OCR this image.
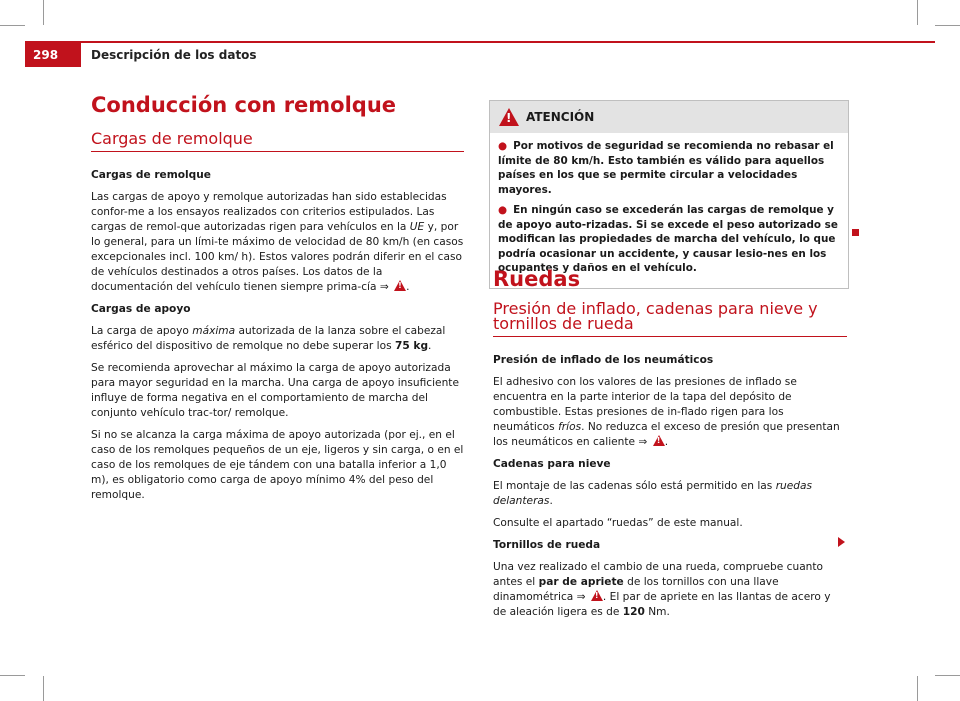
298	Descripción de los datos
Conducción con remolque
Cargas de remolque

Cargas de remolque

Las cargas de apoyo y remolque autorizadas han sido establecidas confor-me a los ensayos realizados con criterios estipulados. Las cargas de remol-que autorizadas rigen para vehículos en la UE y, por lo general, para un lími-te máximo de velocidad de 80 km/h (en casos excepcionales incl. 100 km/ h). Estos valores podrán diferir en el caso de vehículos destinados a otros países. Los datos de la documentación del vehículo tienen siempre prima-cía ⇒ ! .

Cargas de apoyo

La carga de apoyo máxima autorizada de la lanza sobre el cabezal esférico del dispositivo de remolque no debe superar los 75 kg.

Se recomienda aprovechar al máximo la carga de apoyo autorizada para mayor seguridad en la marcha. Una carga de apoyo insuficiente influye de forma negativa en el comportamiento de marcha del conjunto vehículo trac-tor/ remolque.

Si no se alcanza la carga máxima de apoyo autorizada (por ej., en el caso de los remolques pequeños de un eje, ligeros y sin carga, o en el caso de los remolques de eje tándem con una batalla inferior a 1,0 m), es obligatorio como carga de apoyo mínimo 4% del peso del remolque.

!
ATENCIÓN
● Por motivos de seguridad se recomienda no rebasar el límite de 80 km/h. Esto también es válido para aquellos países en los que se permite circular a velocidades mayores.
● En ningún caso se excederán las cargas de remolque y de apoyo auto-rizadas. Si se excede el peso autorizado se modifican las propiedades de marcha del vehículo, lo que podría ocasionar un accidente, y causar lesio-nes en los ocupantes y daños en el vehículo.
Ruedas
Presión de inflado, cadenas para nieve y tornillos de rueda

Presión de inflado de los neumáticos

El adhesivo con los valores de las presiones de inflado se encuentra en la parte interior de la tapa del depósito de combustible. Estas presiones de in-flado rigen para los neumáticos fríos. No reduzca el exceso de presión que presentan los neumáticos en caliente ⇒ ! .

Cadenas para nieve

El montaje de las cadenas sólo está permitido en las ruedas delanteras.

Consulte el apartado “ruedas” de este manual.

Tornillos de rueda

Una vez realizado el cambio de una rueda, compruebe cuanto antes el par de apriete de los tornillos con una llave dinamométrica ⇒ ! . El par de apriete en las llantas de acero y de aleación ligera es de 120 Nm.
